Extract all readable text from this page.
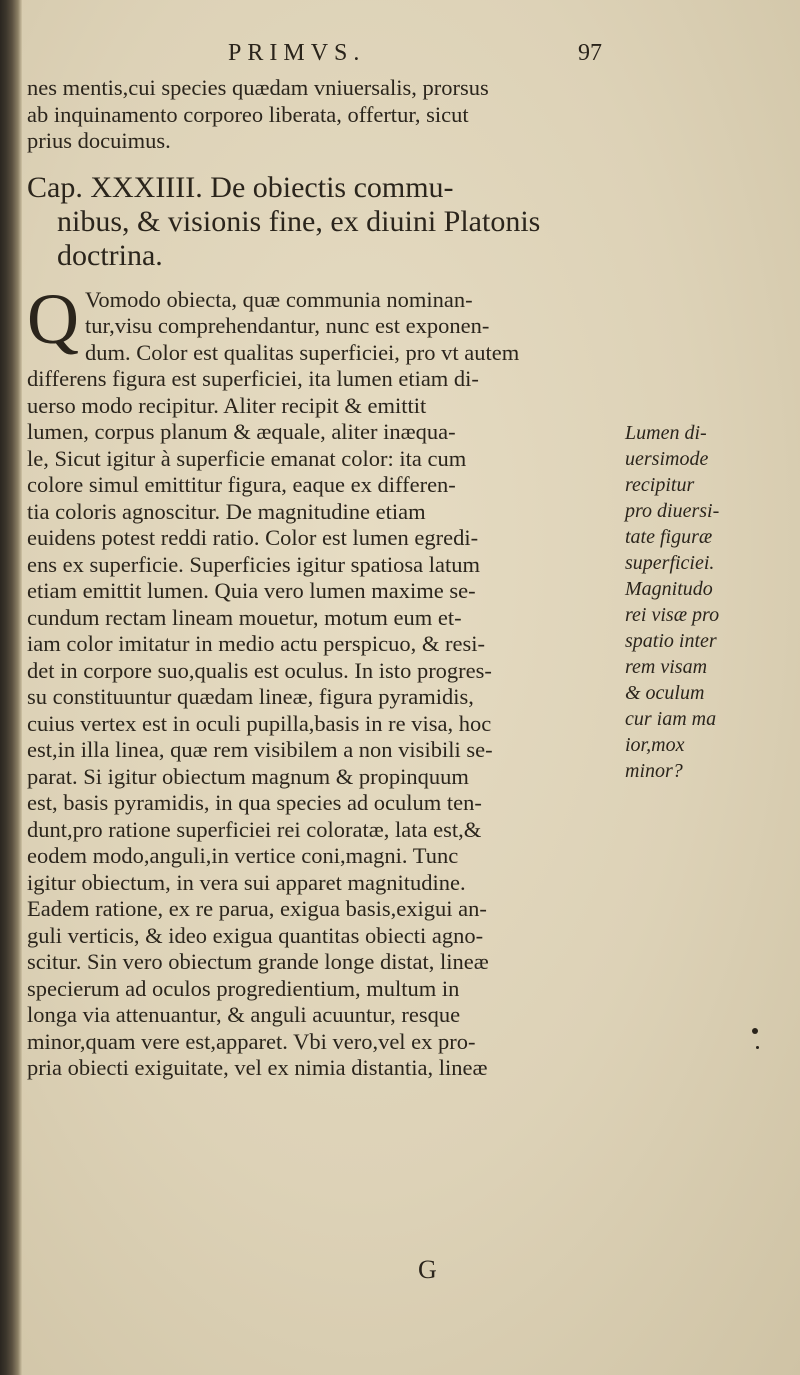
PRIMVS.	97
nes mentis,cui species quædam vniuersalis, prorsus
ab inquinamento corporeo liberata, offertur, sicut
prius docuimus.
Cap. XXXIIII. De obiectis commu-
nibus, & visionis fine, ex diuini Platonis
doctrina.
Q Vomodo obiecta, quæ communia nominan-
tur,visu comprehendantur, nunc est exponen-
dum. Color est qualitas superficiei, pro vt autem
differens figura est superficiei, ita lumen etiam di-
uerso modo recipitur. Aliter recipit & emittit
lumen, corpus planum & æquale, aliter inæqua-
le, Sicut igitur à superficie emanat color: ita cum
colore simul emittitur figura, eaque ex differen-
tia coloris agnoscitur. De magnitudine etiam
euidens potest reddi ratio. Color est lumen egredi-
ens ex superficie. Superficies igitur spatiosa latum
etiam emittit lumen. Quia vero lumen maxime se-
cundum rectam lineam mouetur, motum eum et-
iam color imitatur in medio actu perspicuo, & resi-
det in corpore suo,qualis est oculus. In isto progres-
su constituuntur quædam lineæ, figura pyramidis,
cuius vertex est in oculi pupilla,basis in re visa, hoc
est,in illa linea, quæ rem visibilem a non visibili se-
parat. Si igitur obiectum magnum & propinquum
est, basis pyramidis, in qua species ad oculum ten-
dunt,pro ratione superficiei rei coloratæ, lata est,&
eodem modo,anguli,in vertice coni,magni. Tunc
igitur obiectum, in vera sui apparet magnitudine.
Eadem ratione, ex re parua, exigua basis,exigui an-
guli verticis, & ideo exigua quantitas obiecti agno-
scitur. Sin vero obiectum grande longe distat, lineæ
specierum ad oculos progredientium, multum in
longa via attenuantur, & anguli acuuntur, resque
minor,quam vere est,apparet. Vbi vero,vel ex pro-
pria obiecti exiguitate, vel ex nimia distantia, lineæ
Lumen di-
uersimode
recipitur
pro diuersi-
tate figuræ
superficiei.
Magnitudo
rei visæ pro
spatio inter
rem visam
& oculum
cur iam ma
ior,mox
minor?
G
